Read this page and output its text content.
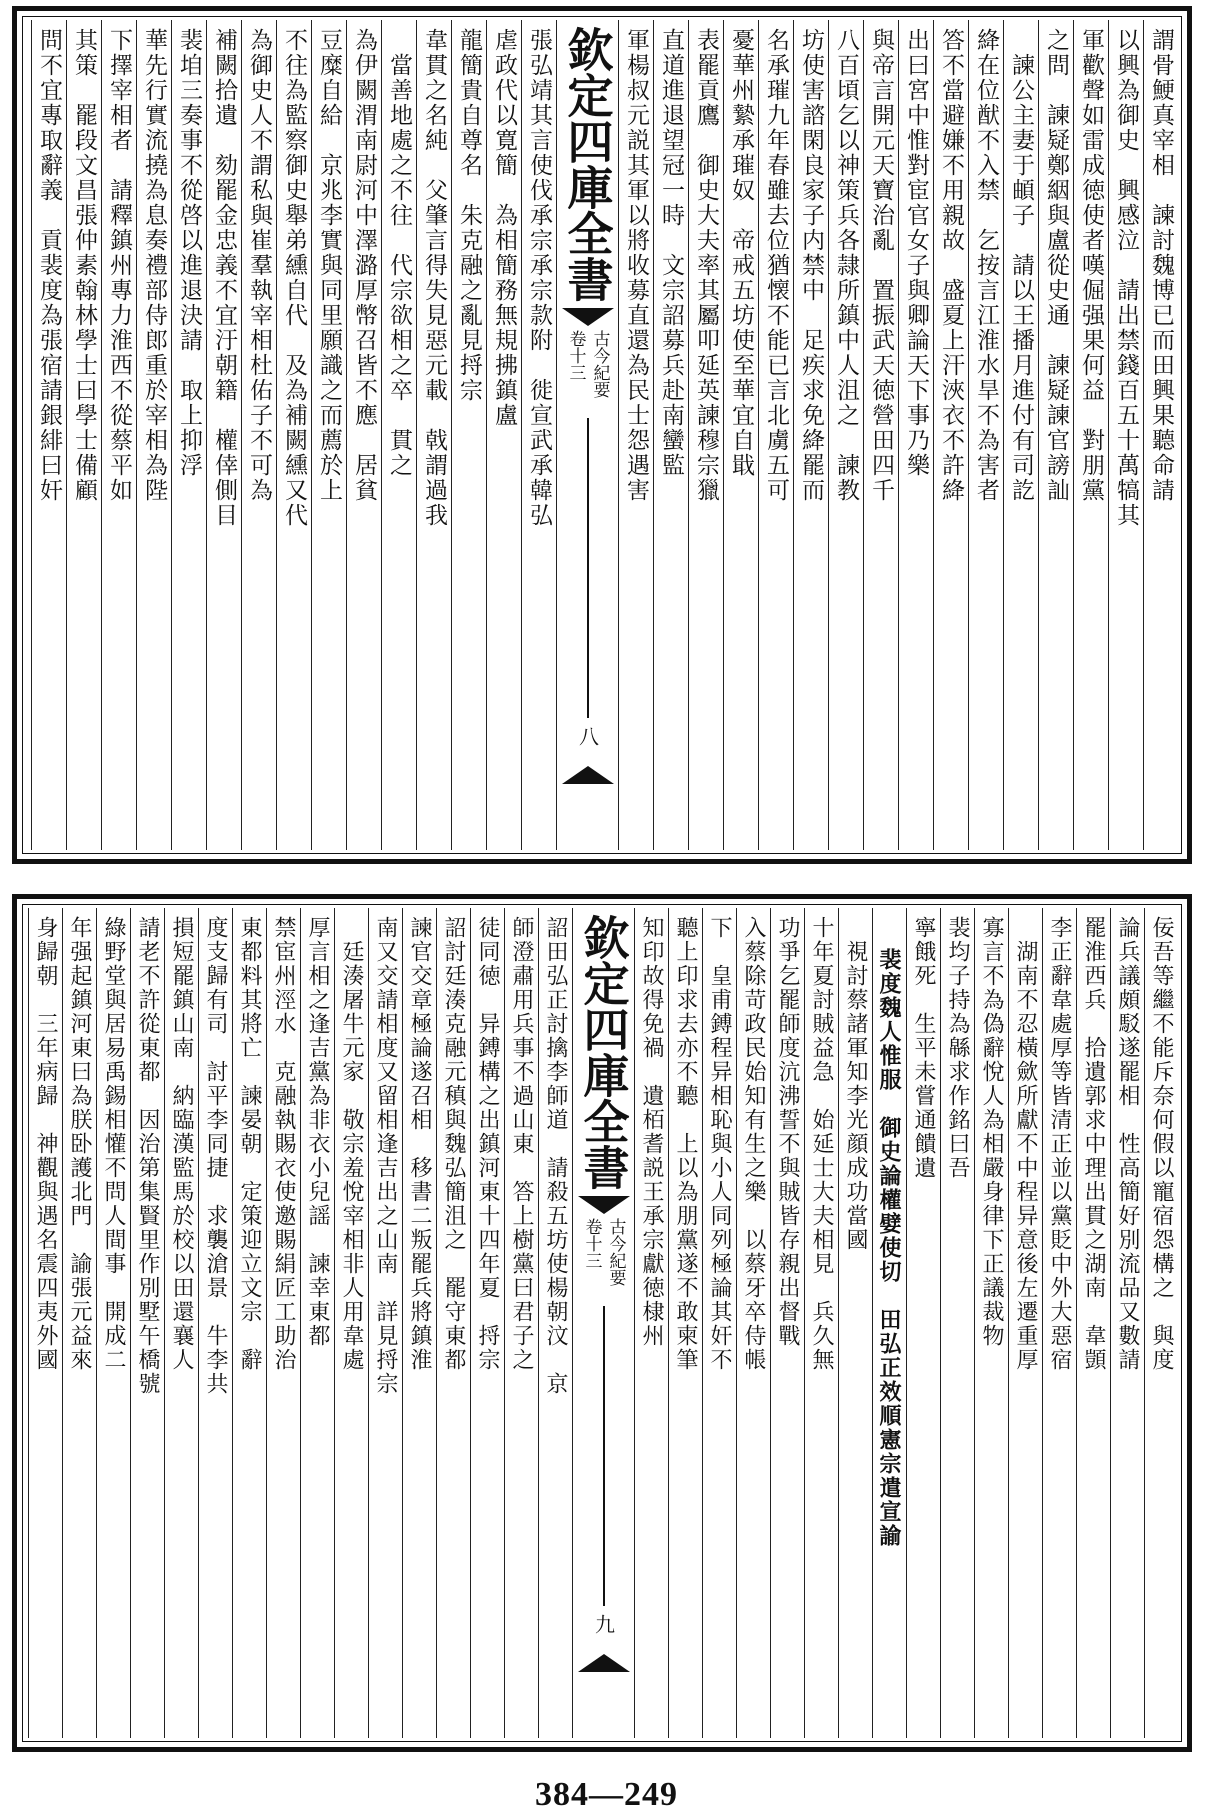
謂骨鯁真宰相　諫討魏博已而田興果聽命請
以興為御史　興感泣　請出禁錢百五十萬犒其
軍歡聲如雷成徳使者嘆倔强果何益　對朋黨
之問　諫疑鄭絪與盧從史通　諫疑諫官謗訕
　諫公主妻于頔子　請以王播月進付有司訖
絳在位猷不入禁　乞按言江淮水旱不為害者
答不當避嫌不用親故　盛夏上汗浹衣不許絳
出曰宮中惟對宦官女子與卿論天下事乃樂
與帝言開元天寶治亂　置振武天徳營田四千
八百頃乞以神策兵各隷所鎮中人沮之　諫教
坊使害諮閑良家子内禁中　足疾求免絳罷而
名承璀九年春雖去位猶懐不能已言北虜五可
憂華州縶承璀奴　帝戒五坊使至華宜自戢
表罷貢鷹　御史大夫率其屬叩延英諫穆宗獵
直道進退望冠一時　文宗詔募兵赴南蠻監
軍楊叔元説其軍以將收募直還為民士怨遇害
欽定四庫全書
古今紀要
卷十三
八
張弘靖其言使伐承宗承宗款附　徙宣武承韓弘
虐政代以寛簡　為相簡務無規拂鎮盧
龍簡貴自尊名　朱克融之亂見捋宗
韋貫之名純　父肇言得失見惡元載　戟謂過我
　當善地處之不往　代宗欲相之卒　貫之
為伊闕渭南尉河中澤潞厚幣召皆不應　居貧
豆糜自給　京兆李實與同里願識之而薦於上
不往為監察御史舉弟纁自代　及為補闕纁又代
為御史人不謂私與崔羣執宰相杜佑子不可為
補闕拾遺　劾罷金忠義不宜汙朝籍　權倖側目
裴垍三奏事不從啓以進退決請　取上抑浮
華先行實流撓為息奏禮部侍郎重於宰相為陛
下擇宰相者　請釋鎮州專力淮西不從蔡平如
其策　罷段文昌張仲素翰林學士曰學士備顧
問不宜專取辭義　貢裴度為張宿請銀緋曰奸
佞吾等繼不能斥奈何假以寵宿怨構之　與度
論兵議頗駁遂罷相　性高簡好別流品又數請
罷淮西兵　拾遺郭求中理出貫之湖南　韋顗
李正辭韋處厚等皆清正並以黨貶中外大惡宿
　湖南不忍橫歛所獻不中程异意後左遷重厚
寡言不為偽辭悅人為相嚴身律下正議裁物
裴均子持為緜求作銘曰吾
寧餓死　生平未嘗通饋遺
裴度魏人惟服　御史論權嬖使切　田弘正效順憲宗遣宣諭
　視討蔡諸軍知李光顔成功當國
十年夏討賊益急　始延士大夫相見　兵久無
功爭乞罷師度沆沸誓不與賊皆存親出督戰
入蔡除苛政民始知有生之樂　以蔡牙卒侍帳
下　皇甫鎛程异相恥與小人同列極論其奸不
聽上印求去亦不聽　上以為朋黨遂不敢柬筆
知印故得免禍　遺栢耆説王承宗獻徳棣州
欽定四庫全書
古今紀要
卷十三
九
詔田弘正討擒李師道　請殺五坊使楊朝汶　京
師澄肅用兵事不過山東　答上樹黨曰君子之
徒同徳　异鎛構之出鎮河東十四年夏　捋宗
詔討廷湊克融元稹與魏弘簡沮之　罷守東都
諫官交章極論遂召相　移書二叛罷兵將鎮淮
南又交請相度又留相逢吉出之山南　詳見捋宗
　廷湊屠牛元家　敬宗羞悅宰相非人用韋處
厚言相之逢吉黨為非衣小兒謡　諫幸東都
禁宦州涇水　克融執賜衣使邀賜絹匠工助治
東都料其將亡　諫晏朝　定策迎立文宗　辭
度支歸有司　討平李同捷　求襲滄景　牛李共
損短罷鎮山南　納臨漢監馬於校以田還襄人
請老不許從東都　因治第集賢里作別墅午橋號
綠野堂與居易禹錫相懽不問人間事　開成二
年强起鎮河東曰為朕卧護北門　諭張元益來
身歸朝　三年病歸　神觀與遇名震四夷外國
384—249
